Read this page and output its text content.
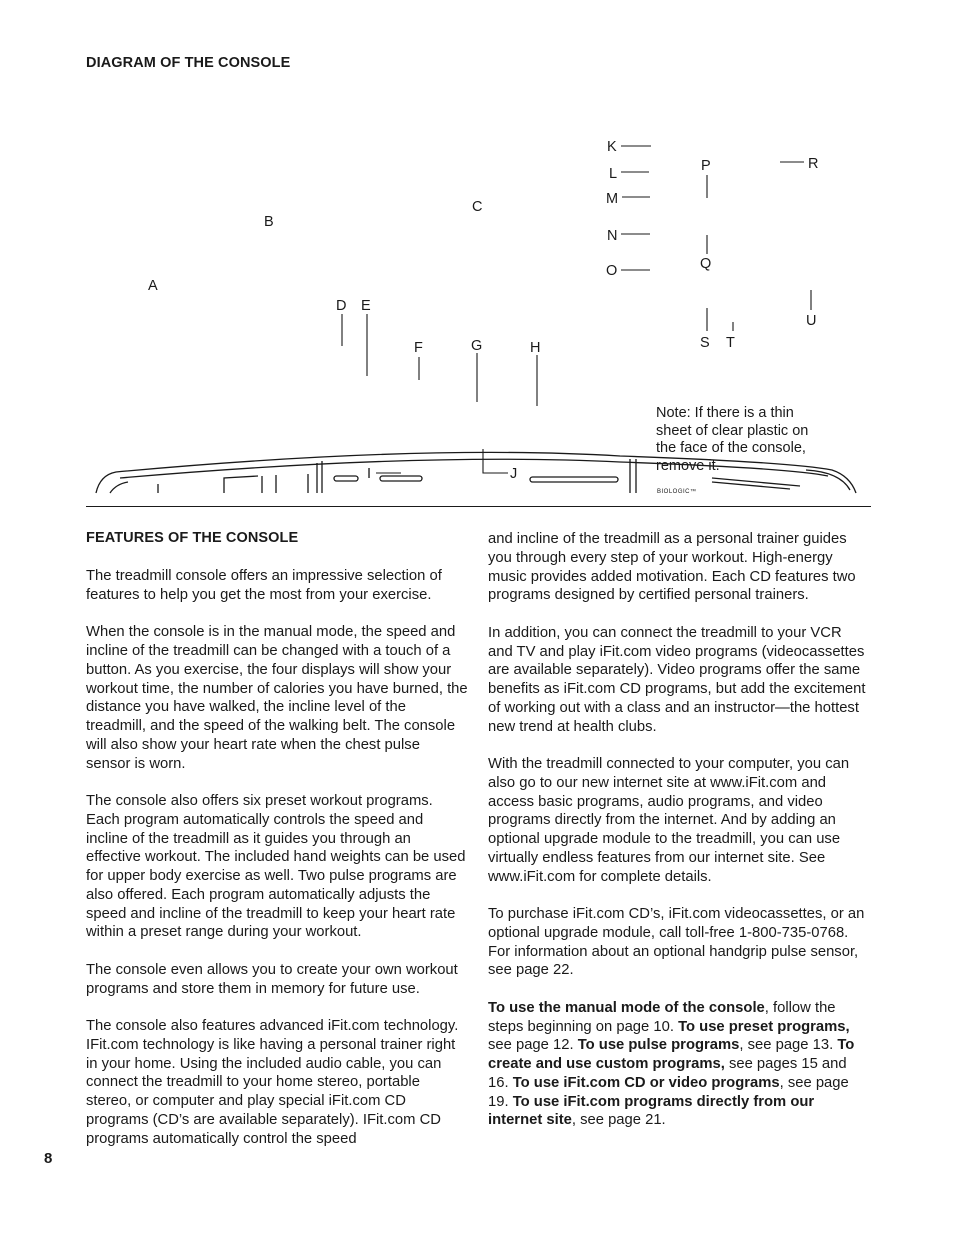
DIAGRAM OF THE CONSOLE
A
B
C
D E
F	G	H
I	J
K
L
M
N
O
P
Q
R
S T
U
BIOLOGIC™

Note: If there is a thin sheet of clear plastic on the face of the console, remove it.

FEATURES OF THE CONSOLE

The treadmill console offers an impressive selection of features to help you get the most from your exercise.

When the console is in the manual mode, the speed and incline of the treadmill can be changed with a touch of a button. As you exercise, the four displays will show your workout time, the number of calories you have burned, the distance you have walked, the incline level of the treadmill, and the speed of the walking belt. The console will also show your heart rate when the chest pulse sensor is worn.

The console also offers six preset workout programs. Each program automatically controls the speed and incline of the treadmill as it guides you through an effective workout. The included hand weights can be used for upper body exercise as well. Two pulse programs are also offered. Each program automatically adjusts the speed and incline of the treadmill to keep your heart rate within a preset range during your workout.

The console even allows you to create your own workout programs and store them in memory for future use.

The console also features advanced iFit.com technology. IFit.com technology is like having a personal trainer right in your home. Using the included audio cable, you can connect the treadmill to your home stereo, portable stereo, or computer and play special iFit.com CD programs (CD’s are available separately). IFit.com CD programs automatically control the speed

and incline of the treadmill as a personal trainer guides you through every step of your workout. High-energy music provides added motivation. Each CD features two programs designed by certified personal trainers.

In addition, you can connect the treadmill to your VCR and TV and play iFit.com video programs (videocassettes are available separately). Video programs offer the same benefits as iFit.com CD programs, but add the excitement of working out with a class and an instructor—the hottest new trend at health clubs.

With the treadmill connected to your computer, you can also go to our new internet site at www.iFit.com and access basic programs, audio programs, and video programs directly from the internet. And by adding an optional upgrade module to the treadmill, you can use virtually endless features from our internet site. See www.iFit.com for complete details.

To purchase iFit.com CD’s, iFit.com videocassettes, or an optional upgrade module, call toll-free 1-800-735-0768. For information about an optional handgrip pulse sensor, see page 22.

To use the manual mode of the console, follow the steps beginning on page 10. To use preset programs, see page 12. To use pulse programs, see page 13. To create and use custom programs, see pages 15 and 16. To use iFit.com CD or video programs, see page 19. To use iFit.com programs directly from our internet site, see page 21.

8
